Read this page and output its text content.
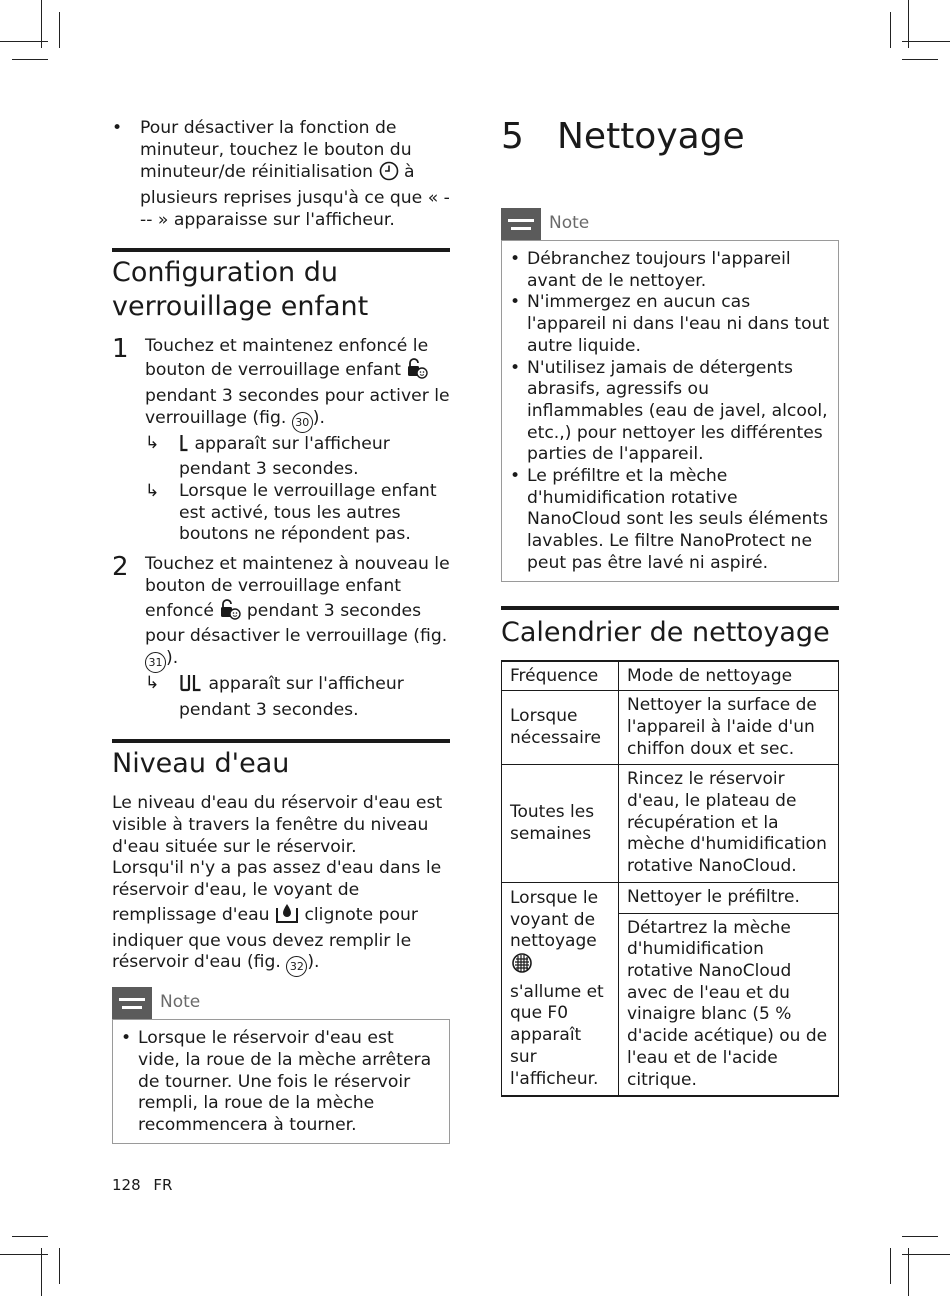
•	Pour désactiver la fonction de minuteur, touchez le bouton du minuteur/de réinitialisation à plusieurs reprises jusqu'à ce que « --- » apparaisse sur l'afficheur.
Configuration du
verrouillage enfant
1 Touchez et maintenez enfoncé le bouton de verrouillage enfant  pendant 3 secondes pour activer le verrouillage (fig. 30 ).
↳	apparaît sur l'afficheur pendant 3 secondes.
↳	Lorsque le verrouillage enfant est activé, tous les autres boutons ne répondent pas.
2 Touchez et maintenez à nouveau le bouton de verrouillage enfant enfoncé pendant 3 secondes pour désactiver le verrouillage (fig. 31 ).
↳	apparaît sur l'afficheur pendant 3 secondes.
Niveau d'eau

Le niveau d'eau du réservoir d'eau est visible à travers la fenêtre du niveau d'eau située sur le réservoir.

Lorsqu'il n'y a pas assez d'eau dans le réservoir d'eau, le voyant de remplissage d'eau clignote pour indiquer que vous devez remplir le réservoir d'eau (fig. 32 ).

Note
• Lorsque le réservoir d'eau est vide, la roue de la mèche arrêtera de tourner. Une fois le réservoir rempli, la roue de la mèche recommencera à tourner.
5 Nettoyage
Note
• Débranchez toujours l'appareil avant de le nettoyer.
• N'immergez en aucun cas l'appareil ni dans l'eau ni dans tout autre liquide.
• N'utilisez jamais de détergents abrasifs, agressifs ou inflammables (eau de javel, alcool, etc.,) pour nettoyer les différentes parties de l'appareil.
• Le préfiltre et la mèche d'humidification rotative NanoCloud sont les seuls éléments lavables. Le filtre NanoProtect ne peut pas être lavé ni aspiré.
Calendrier de nettoyage
Fréquence	Mode de nettoyage
Lorsque nécessaire	Nettoyer la surface de l'appareil à l'aide d'un chiffon doux et sec.
Toutes les semaines	Rincez le réservoir d'eau, le plateau de récupération et la mèche d'humidification rotative NanoCloud.
Lorsque le voyant de nettoyage  s'allume et que F0 apparaît sur l'afficheur.	Nettoyer le préfiltre.
	Détartrez la mèche d'humidification rotative NanoCloud avec de l'eau et du vinaigre blanc (5 % d'acide acétique) ou de l'eau et de l'acide citrique.
128 FR
